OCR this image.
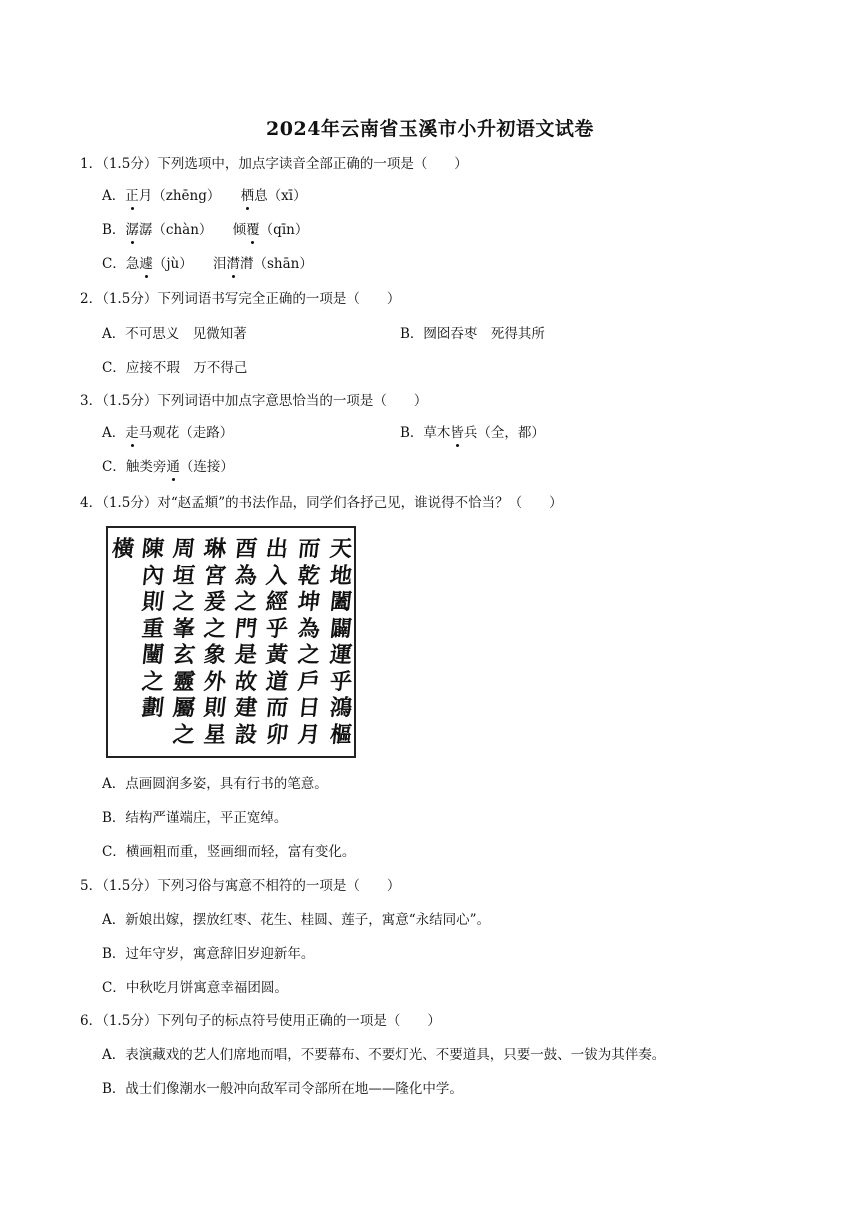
2024年云南省玉溪市小升初语文试卷
1．（1.5分）下列选项中，加点字读音全部正确的一项是（　　）
A．正月（zhēng）　　栖息（xī）
B．潺潺（chàn）　　倾覆（qīn）
C．急遽（jù）　　泪潸潸（shān）
2．（1.5分）下列词语书写完全正确的一项是（　　）
A．不可思义　见微知著	B．囫囵吞枣　死得其所
C．应接不瑕　万不得己
3．（1.5分）下列词语中加点字意思恰当的一项是（　　）
A．走马观花（走路）	B．草木皆兵（全，都）
C．触类旁通（连接）
4．（1.5分）对“赵孟頫”的书法作品，同学们各抒己见，谁说得不恰当？（　　）
A．点画圆润多姿，具有行书的笔意。
B．结构严谨端庄，平正宽绰。
C．横画粗而重，竖画细而轻，富有变化。
5．（1.5分）下列习俗与寓意不相符的一项是（　　）
A．新娘出嫁，摆放红枣、花生、桂圆、莲子，寓意“永结同心”。
B．过年守岁，寓意辞旧岁迎新年。
C．中秋吃月饼寓意幸福团圆。
6．（1.5分）下列句子的标点符号使用正确的一项是（　　）
A．表演藏戏的艺人们席地而唱，不要幕布、不要灯光、不要道具，只要一鼓、一钹为其伴奏。
B．战士们像潮水一般冲向敌军司令部所在地——隆化中学。
天
地
闔
闢
運
乎
鴻
樞
而
乾
坤
為
之
戶
日
月
出
入
經
乎
黃
道
而
卯
酉
為
之
門
是
故
建
設
琳
宮
爰
之
象
外
則
星
周
垣
之
峯
玄
靈
屬
之
陳
內
則
重
闉
之
劃
橫
